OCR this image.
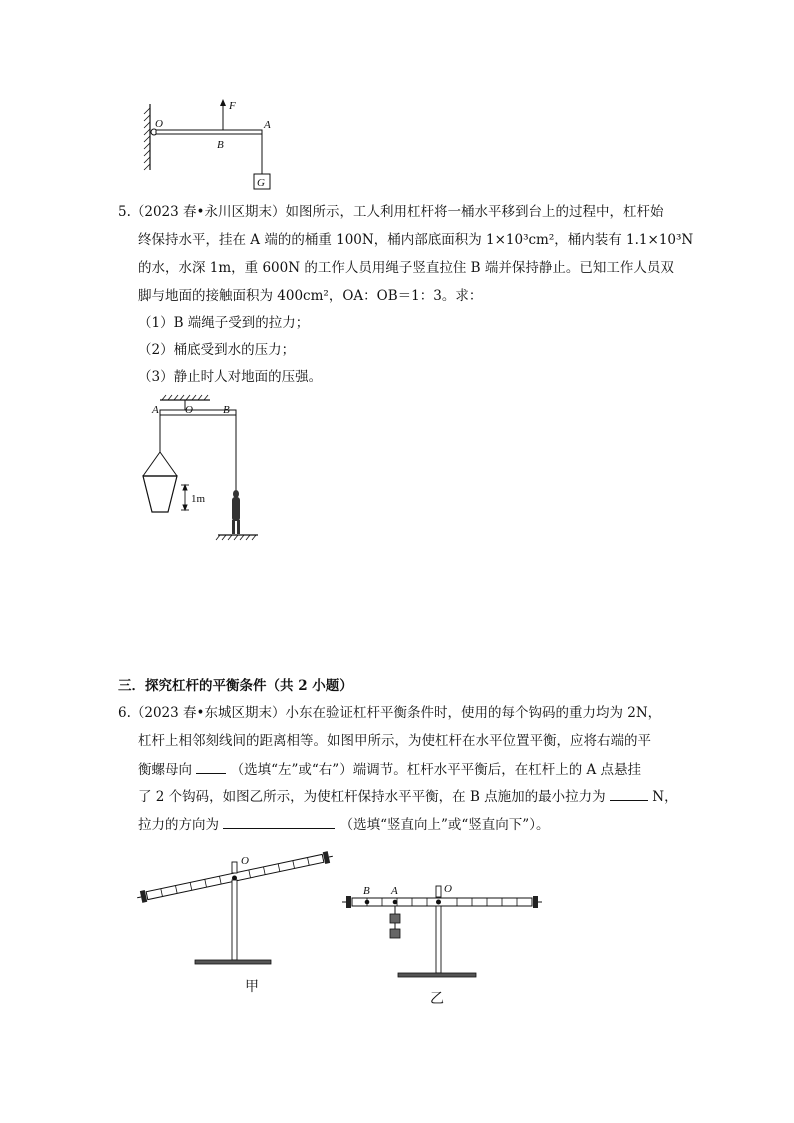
O
F
B
A
G
5.（2023 春•永川区期末）如图所示，工人利用杠杆将一桶水平移到台上的过程中，杠杆始
终保持水平，挂在 A 端的的桶重 100N，桶内部底面积为 1×10³cm²，桶内装有 1.1×10³N
的水，水深 1m，重 600N 的工作人员用绳子竖直拉住 B 端并保持静止。已知工作人员双
脚与地面的接触面积为 400cm²，OA：OB＝1：3。求：
（1）B 端绳子受到的拉力；
（2）桶底受到水的压力；
（3）静止时人对地面的压强。
1m
A O	B
三．探究杠杆的平衡条件（共 2 小题）
6.（2023 春•东城区期末）小东在验证杠杆平衡条件时，使用的每个钩码的重力均为 2N，
杠杆上相邻刻线间的距离相等。如图甲所示，为使杠杆在水平位置平衡，应将右端的平
衡螺母向	（选填“左”或“右”）端调节。杠杆水平平衡后，在杠杆上的 A 点悬挂
了 2 个钩码，如图乙所示，为使杠杆保持水平平衡，在 B 点施加的最小拉力为	N，
拉力的方向为	（选填“竖直向上”或“竖直向下”）。
O
甲
B A	O
乙
